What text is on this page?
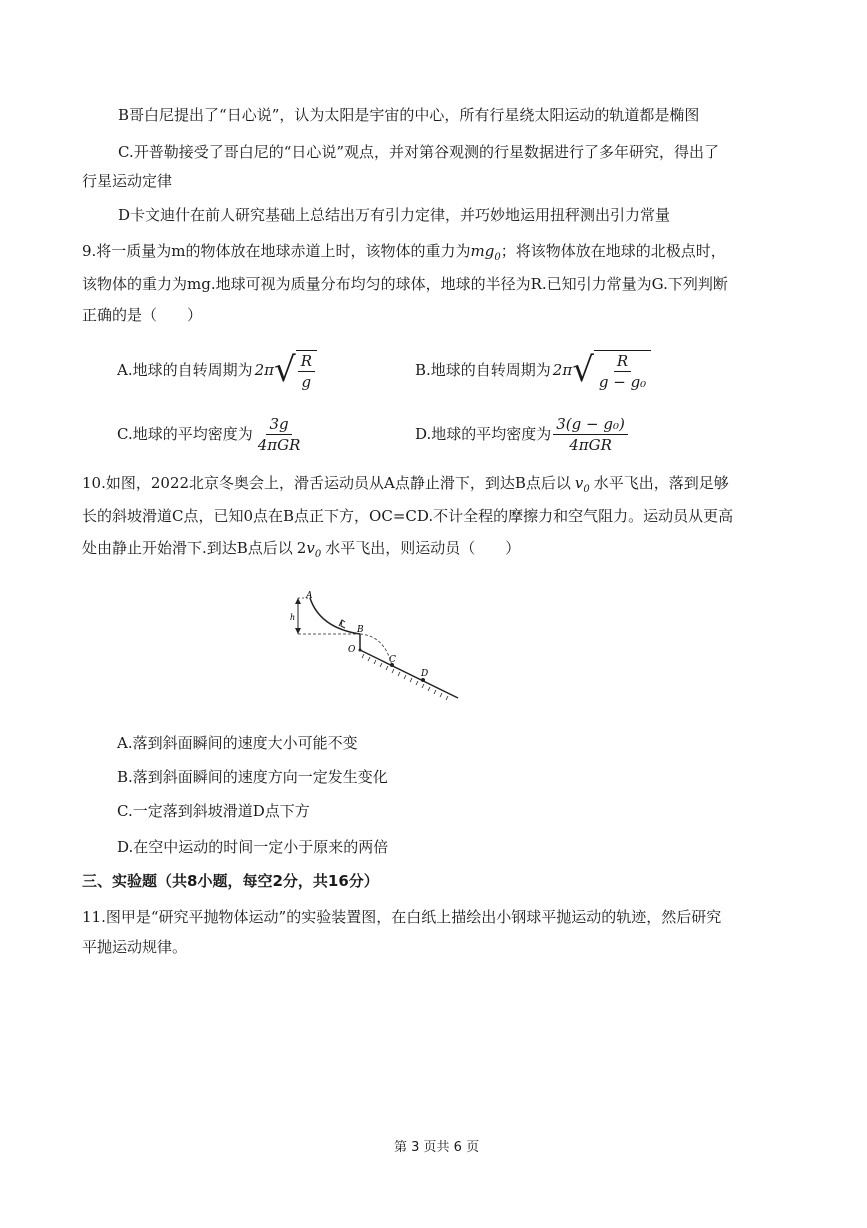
B哥白尼提出了“日心说”，认为太阳是宇宙的中心，所有行星绕太阳运动的轨道都是椭图
C.开普勒接受了哥白尼的“日心说”观点，并对第谷观测的行星数据进行了多年研究，得出了
行星运动定律
D卡文迪什在前人研究基础上总结出万有引力定律，并巧妙地运用扭秤测出引力常量
9.将一质量为m的物体放在地球赤道上时，该物体的重力为$mg_0$；将该物体放在地球的北极点时，
该物体的重力为mg.地球可视为质量分布均匀的球体，地球的半径为R.已知引力常量为G.下列判断
正确的是（　　）
A.地球的自转周期为 2π √ $\frac{R}{g}$	B.地球的自转周期为 2π √ $\frac{R}{\text{g − g₀}}$
C.地球的平均密度为 $\frac{3g}{\text{4πGR}}$	D.地球的平均密度为 $\frac{\text{3(g − g₀)}}{\text{4πGR}}$
10.如图，2022北京冬奥会上，滑舌运动员从A点静止滑下，到达B点后以 $v_0$ 水平飞出，落到足够
长的斜坡滑道C点，已知0点在B点正下方，OC=CD.不计全程的摩擦力和空气阻力。运动员从更高
处由静止开始滑下.到达B点后以 $2v_0$ 水平飞出，则运动员（　　）
A
h
B
O
C
D
A.落到斜面瞬间的速度大小可能不变
B.落到斜面瞬间的速度方向一定发生变化
C.一定落到斜坡滑道D点下方
D.在空中运动的时间一定小于原来的两倍
三、实验题（共8小题，每空2分，共16分）
11.图甲是“研究平抛物体运动”的实验装置图，在白纸上描绘出小钢球平抛运动的轨迹，然后研究
平抛运动规律。
第 3 页共 6 页
